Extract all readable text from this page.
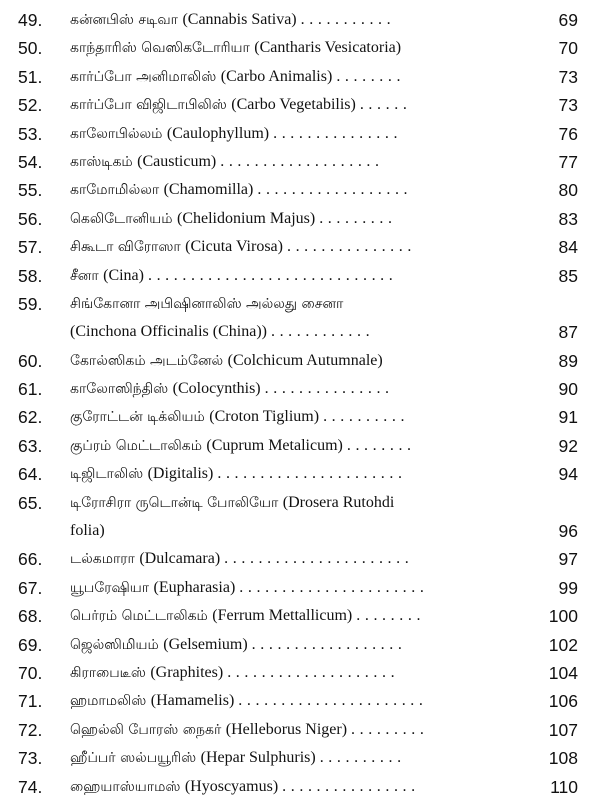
49.	கன்னபிஸ் சடிவா (Cannabis Sativa) ...........	69
50.	காந்தாரிஸ் வெஸிகடோரியா (Cantharis Vesicatoria)	70
51.	கார்ப்போ அனிமாலிஸ் (Carbo Animalis) ........	73
52.	கார்ப்போ விஜிடாபிலிஸ் (Carbo Vegetabilis) ......	73
53.	காலோபில்லம் (Caulophyllum) ...............	76
54.	காஸ்டிகம் (Causticum) ...................	77
55.	காமோமில்லா (Chamomilla) ..................	80
56.	கெலிடோனியம் (Chelidonium Majus) .........	83
57.	சிகூடா விரோஸா (Cicuta Virosa) ...............	84
58.	சீனா (Cina) .............................	85
59.	சிங்கோனா அபிஷினாலிஸ் அல்லது சைனா
(Cinchona Officinalis (China)) ............	87
60.	கோல்ஸிகம் அடம்னேல் (Colchicum Autumnale)	89
61.	காலோஸிந்திஸ் (Colocynthis) ...............	90
62.	குரோட்டன் டிக்லியம் (Croton Tiglium) ..........	91
63.	குப்ரம் மெட்டாலிகம் (Cuprum Metalicum) ........	92
64.	டிஜிடாலிஸ் (Digitalis) ......................	94
65.	டிரோசிரா ருடொன்டி போலியோ (Drosera Rutohdi
folia)	96
66.	டல்கமாரா (Dulcamara) ......................	97
67.	யூபரேஷியா (Eupharasia) ......................	99
68.	பெர்ரம் மெட்டாலிகம் (Ferrum Mettallicum) ........	100
69.	ஜெல்ஸிமியம் (Gelsemium) ..................	102
70.	கிராபைடீஸ் (Graphites) ....................	104
71.	ஹமாமலிஸ் (Hamamelis) ......................	106
72.	ஹெல்லி போரஸ் நைகர் (Helleborus Niger) .........	107
73.	ஹீப்பர் ஸல்பயூரிஸ் (Hepar Sulphuris) ..........	108
74.	ஹையாஸ்யாமஸ் (Hyoscyamus) ................	110
